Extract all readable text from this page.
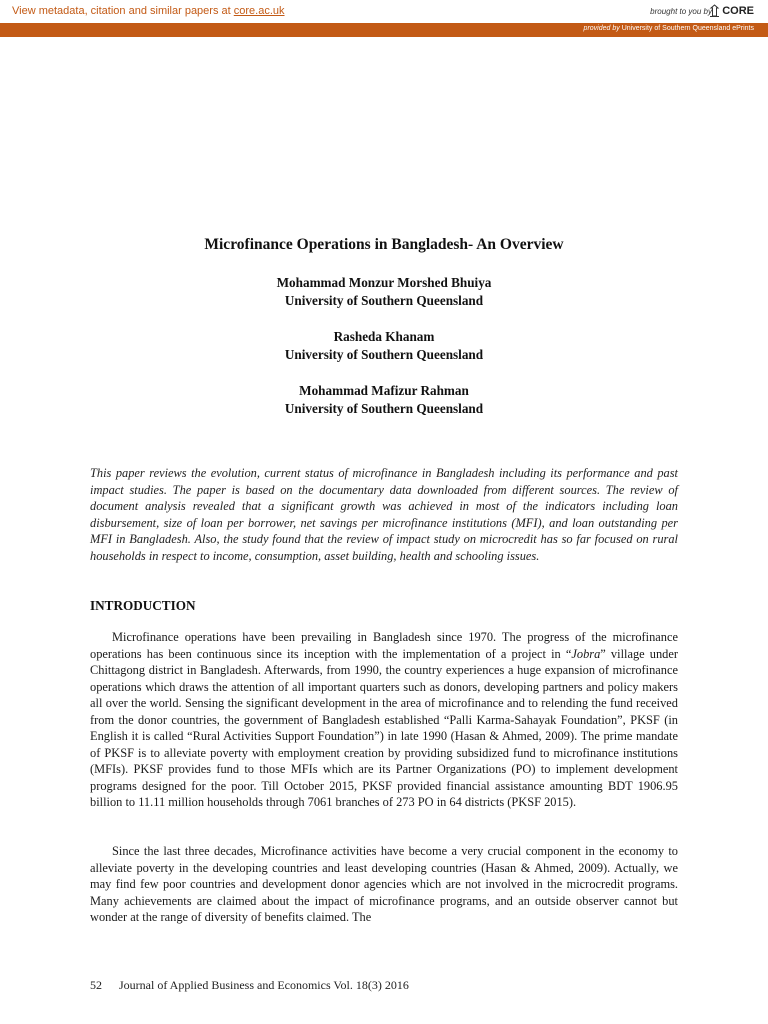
View metadata, citation and similar papers at core.ac.uk	brought to you by CORE
provided by University of Southern Queensland ePrints
Microfinance Operations in Bangladesh- An Overview
Mohammad Monzur Morshed Bhuiya
University of Southern Queensland
Rasheda Khanam
University of Southern Queensland
Mohammad Mafizur Rahman
University of Southern Queensland
This paper reviews the evolution, current status of microfinance in Bangladesh including its performance and past impact studies. The paper is based on the documentary data downloaded from different sources. The review of document analysis revealed that a significant growth was achieved in most of the indicators including loan disbursement, size of loan per borrower, net savings per microfinance institutions (MFI), and loan outstanding per MFI in Bangladesh. Also, the study found that the review of impact study on microcredit has so far focused on rural households in respect to income, consumption, asset building, health and schooling issues.
INTRODUCTION
Microfinance operations have been prevailing in Bangladesh since 1970. The progress of the microfinance operations has been continuous since its inception with the implementation of a project in “Jobra” village under Chittagong district in Bangladesh. Afterwards, from 1990, the country experiences a huge expansion of microfinance operations which draws the attention of all important quarters such as donors, developing partners and policy makers all over the world. Sensing the significant development in the area of microfinance and to relending the fund received from the donor countries, the government of Bangladesh established “Palli Karma-Sahayak Foundation”, PKSF (in English it is called “Rural Activities Support Foundation”) in late 1990 (Hasan & Ahmed, 2009). The prime mandate of PKSF is to alleviate poverty with employment creation by providing subsidized fund to microfinance institutions (MFIs). PKSF provides fund to those MFIs which are its Partner Organizations (PO) to implement development programs designed for the poor. Till October 2015, PKSF provided financial assistance amounting BDT 1906.95 billion to 11.11 million households through 7061 branches of 273 PO in 64 districts (PKSF 2015).
Since the last three decades, Microfinance activities have become a very crucial component in the economy to alleviate poverty in the developing countries and least developing countries (Hasan & Ahmed, 2009). Actually, we may find few poor countries and development donor agencies which are not involved in the microcredit programs. Many achievements are claimed about the impact of microfinance programs, and an outside observer cannot but wonder at the range of diversity of benefits claimed. The
52 Journal of Applied Business and Economics Vol. 18(3) 2016
